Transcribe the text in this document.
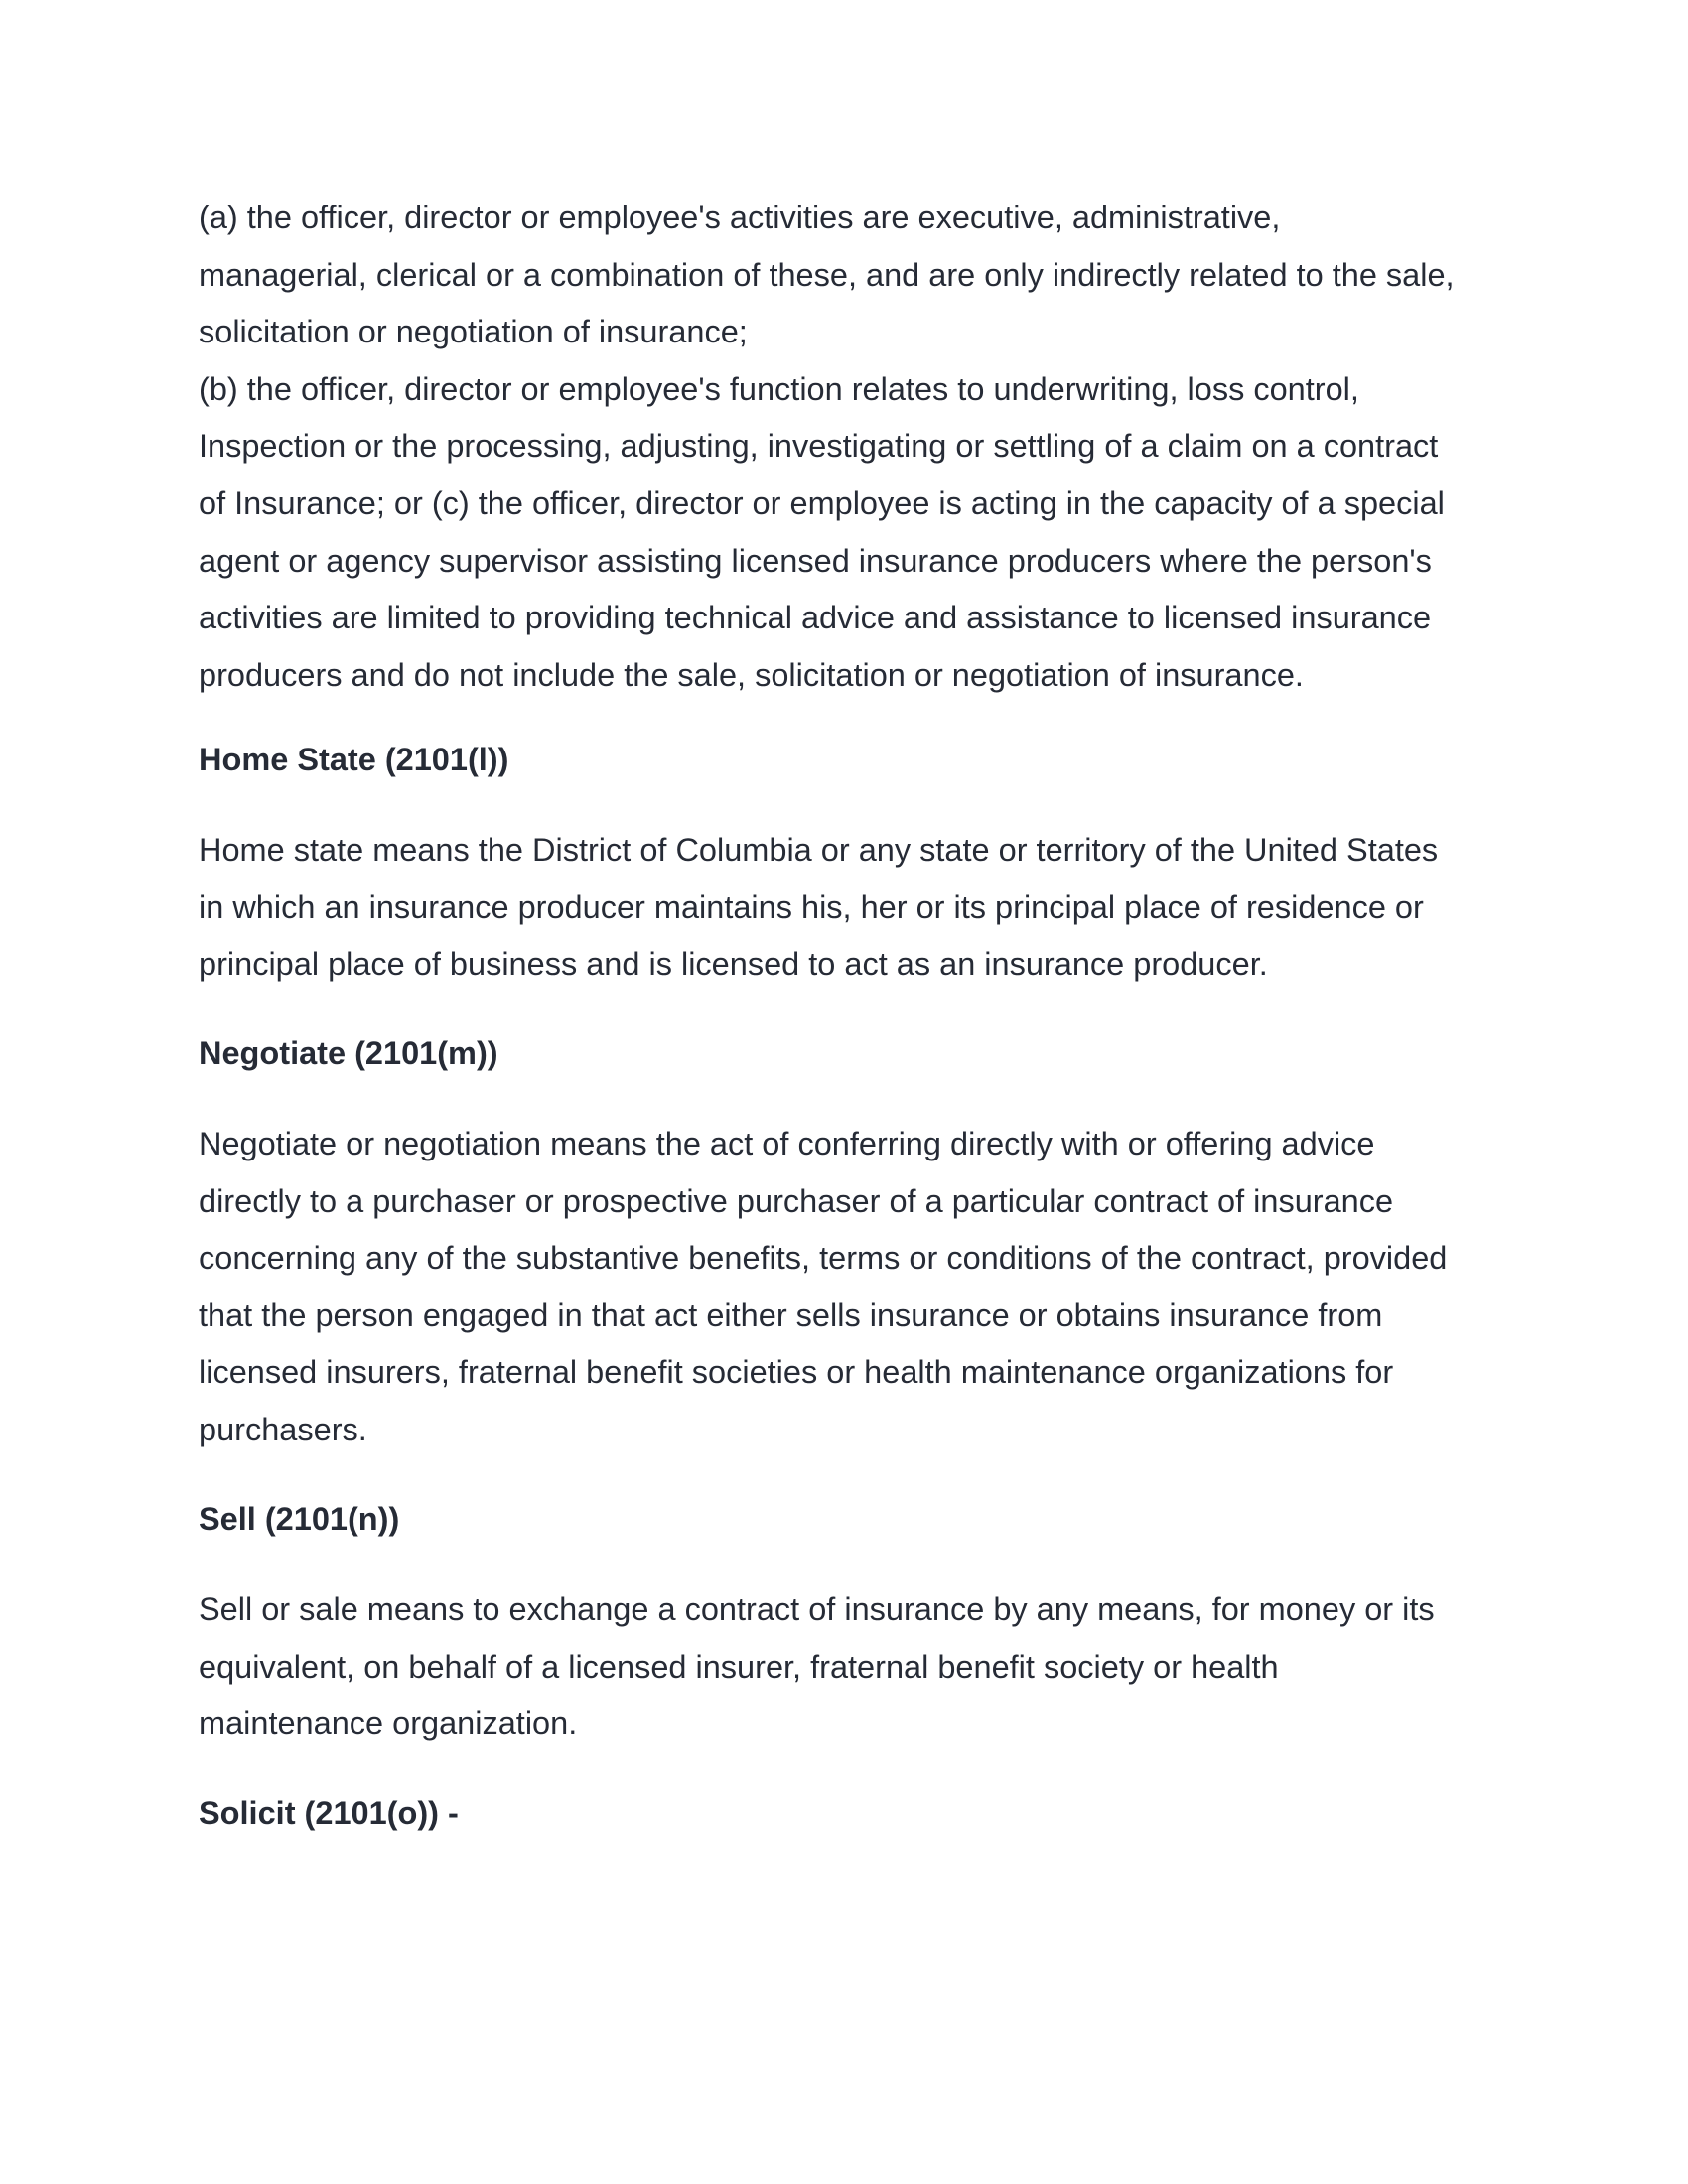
(a) the officer, director or employee's activities are executive, administrative,
managerial, clerical or a combination of these, and are only indirectly related to the sale,
solicitation or negotiation of insurance;
(b) the officer, director or employee's function relates to underwriting, loss control,
Inspection or the processing, adjusting, investigating or settling of a claim on a contract
of Insurance; or (c) the officer, director or employee is acting in the capacity of a special
agent or agency supervisor assisting licensed insurance producers where the person's
activities are limited to providing technical advice and assistance to licensed insurance
producers and do not include the sale, solicitation or negotiation of insurance.

Home State (2101(l))

Home state means the District of Columbia or any state or territory of the United States
in which an insurance producer maintains his, her or its principal place of residence or
principal place of business and is licensed to act as an insurance producer.

Negotiate (2101(m))

Negotiate or negotiation means the act of conferring directly with or offering advice
directly to a purchaser or prospective purchaser of a particular contract of insurance
concerning any of the substantive benefits, terms or conditions of the contract, provided
that the person engaged in that act either sells insurance or obtains insurance from
licensed insurers, fraternal benefit societies or health maintenance organizations for
purchasers.

Sell (2101(n))

Sell or sale means to exchange a contract of insurance by any means, for money or its
equivalent, on behalf of a licensed insurer, fraternal benefit society or health
maintenance organization.

Solicit (2101(o)) -
